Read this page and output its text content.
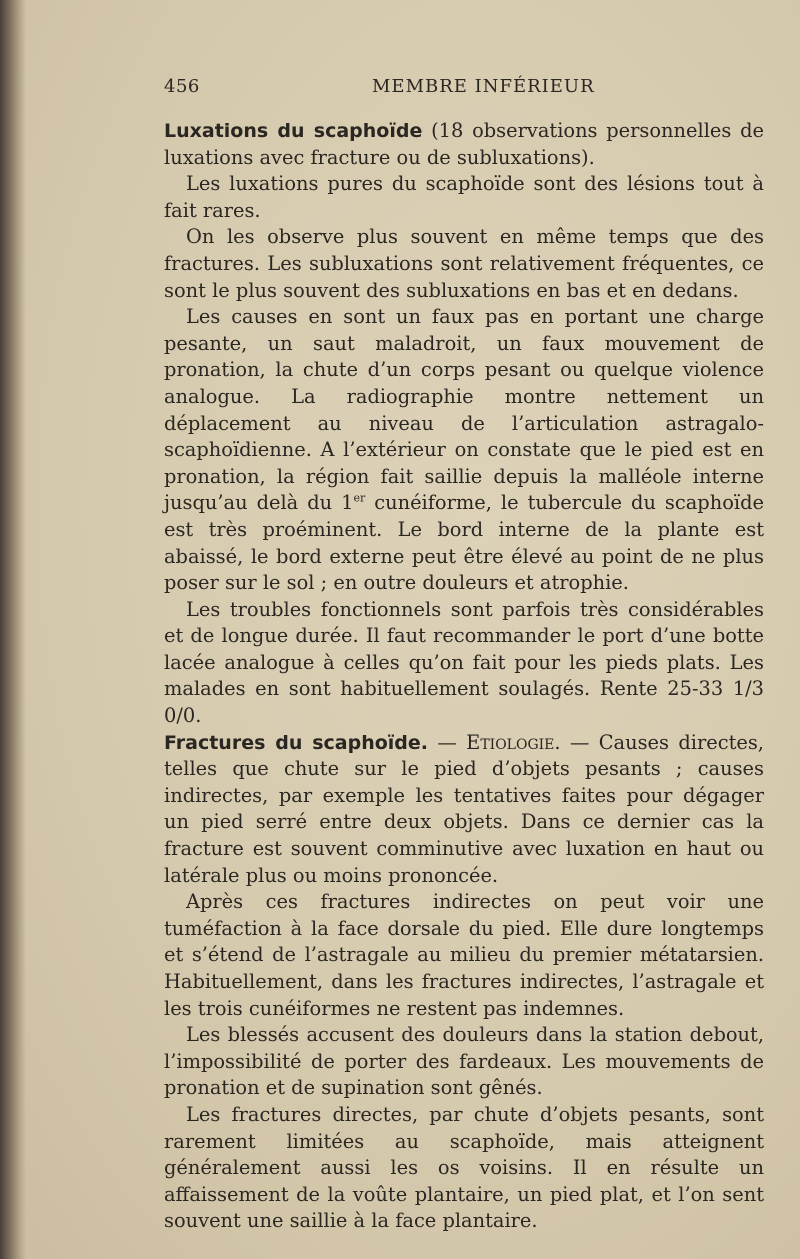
456	MEMBRE INFÉRIEUR

Luxations du scaphoïde (18 observations personnelles de luxations avec fracture ou de subluxations).

Les luxations pures du scaphoïde sont des lésions tout à fait rares.

On les observe plus souvent en même temps que des fractures. Les subluxations sont relativement fréquentes, ce sont le plus souvent des subluxations en bas et en dedans.

Les causes en sont un faux pas en portant une charge pesante, un saut maladroit, un faux mouvement de pronation, la chute d’un corps pesant ou quelque violence analogue. La radiographie montre nettement un déplacement au niveau de l’articulation astragalo-scaphoïdienne. A l’extérieur on constate que le pied est en pronation, la région fait saillie depuis la malléole interne jusqu’au delà du 1er cunéiforme, le tubercule du scaphoïde est très proéminent. Le bord interne de la plante est abaissé, le bord externe peut être élevé au point de ne plus poser sur le sol ; en outre douleurs et atrophie.

Les troubles fonctionnels sont parfois très considérables et de longue durée. Il faut recommander le port d’une botte lacée analogue à celles qu’on fait pour les pieds plats. Les malades en sont habituellement soulagés. Rente 25-33 1/3 0/0.

Fractures du scaphoïde. — Etiologie. — Causes directes, telles que chute sur le pied d’objets pesants ; causes indirectes, par exemple les tentatives faites pour dégager un pied serré entre deux objets. Dans ce dernier cas la fracture est souvent comminutive avec luxation en haut ou latérale plus ou moins prononcée.

Après ces fractures indirectes on peut voir une tuméfaction à la face dorsale du pied. Elle dure longtemps et s’étend de l’astragale au milieu du premier métatarsien. Habituellement, dans les fractures indirectes, l’astragale et les trois cunéiformes ne restent pas indemnes.

Les blessés accusent des douleurs dans la station debout, l’impossibilité de porter des fardeaux. Les mouvements de pronation et de supination sont gênés.

Les fractures directes, par chute d’objets pesants, sont rarement limitées au scaphoïde, mais atteignent généralement aussi les os voisins. Il en résulte un affaissement de la voûte plantaire, un pied plat, et l’on sent souvent une saillie à la face plantaire.
